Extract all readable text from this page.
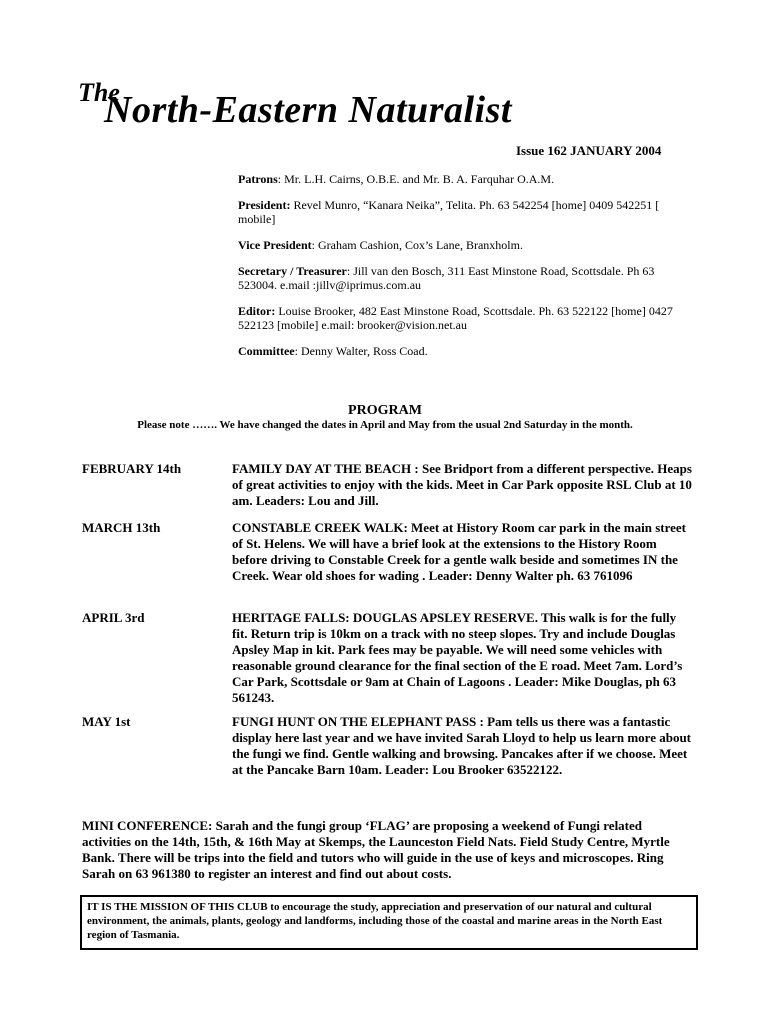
The
North-Eastern Naturalist
Issue 162 JANUARY 2004
Patrons: Mr. L.H. Cairns, O.B.E. and Mr. B. A. Farquhar O.A.M.
President: Revel Munro, “Kanara Neika”, Telita. Ph. 63 542254 [home] 0409 542251 [ mobile]
Vice President: Graham Cashion, Cox’s Lane, Branxholm.
Secretary / Treasurer: Jill van den Bosch, 311 East Minstone Road, Scottsdale. Ph 63 523004. e.mail :jillv@iprimus.com.au
Editor: Louise Brooker, 482 East Minstone Road, Scottsdale. Ph. 63 522122 [home] 0427 522123 [mobile] e.mail: brooker@vision.net.au
Committee: Denny Walter, Ross Coad.
PROGRAM
Please note ……. We have changed the dates in April and May from the usual 2nd Saturday in the month.
FEBRUARY 14th	FAMILY DAY AT THE BEACH : See Bridport from a different perspective. Heaps of great activities to enjoy with the kids. Meet in Car Park opposite RSL Club at 10 am. Leaders: Lou and Jill.
MARCH 13th	CONSTABLE CREEK WALK: Meet at History Room car park in the main street of St. Helens. We will have a brief look at the extensions to the History Room before driving to Constable Creek for a gentle walk beside and sometimes IN the Creek. Wear old shoes for wading . Leader: Denny Walter ph. 63 761096
APRIL 3rd	HERITAGE FALLS: DOUGLAS APSLEY RESERVE. This walk is for the fully fit. Return trip is 10km on a track with no steep slopes. Try and include Douglas Apsley Map in kit. Park fees may be payable. We will need some vehicles with reasonable ground clearance for the final section of the E road. Meet 7am. Lord’s Car Park, Scottsdale or 9am at Chain of Lagoons . Leader: Mike Douglas, ph 63 561243.
MAY 1st	FUNGI HUNT ON THE ELEPHANT PASS : Pam tells us there was a fantastic display here last year and we have invited Sarah Lloyd to help us learn more about the fungi we find. Gentle walking and browsing. Pancakes after if we choose. Meet at the Pancake Barn 10am. Leader: Lou Brooker 63522122.
MINI CONFERENCE: Sarah and the fungi group ‘FLAG’ are proposing a weekend of Fungi related activities on the 14th, 15th, & 16th May at Skemps, the Launceston Field Nats. Field Study Centre, Myrtle Bank. There will be trips into the field and tutors who will guide in the use of keys and microscopes. Ring Sarah on 63 961380 to register an interest and find out about costs.
IT IS THE MISSION OF THIS CLUB to encourage the study, appreciation and preservation of our natural and cultural environment, the animals, plants, geology and landforms, including those of the coastal and marine areas in the North East region of Tasmania.
